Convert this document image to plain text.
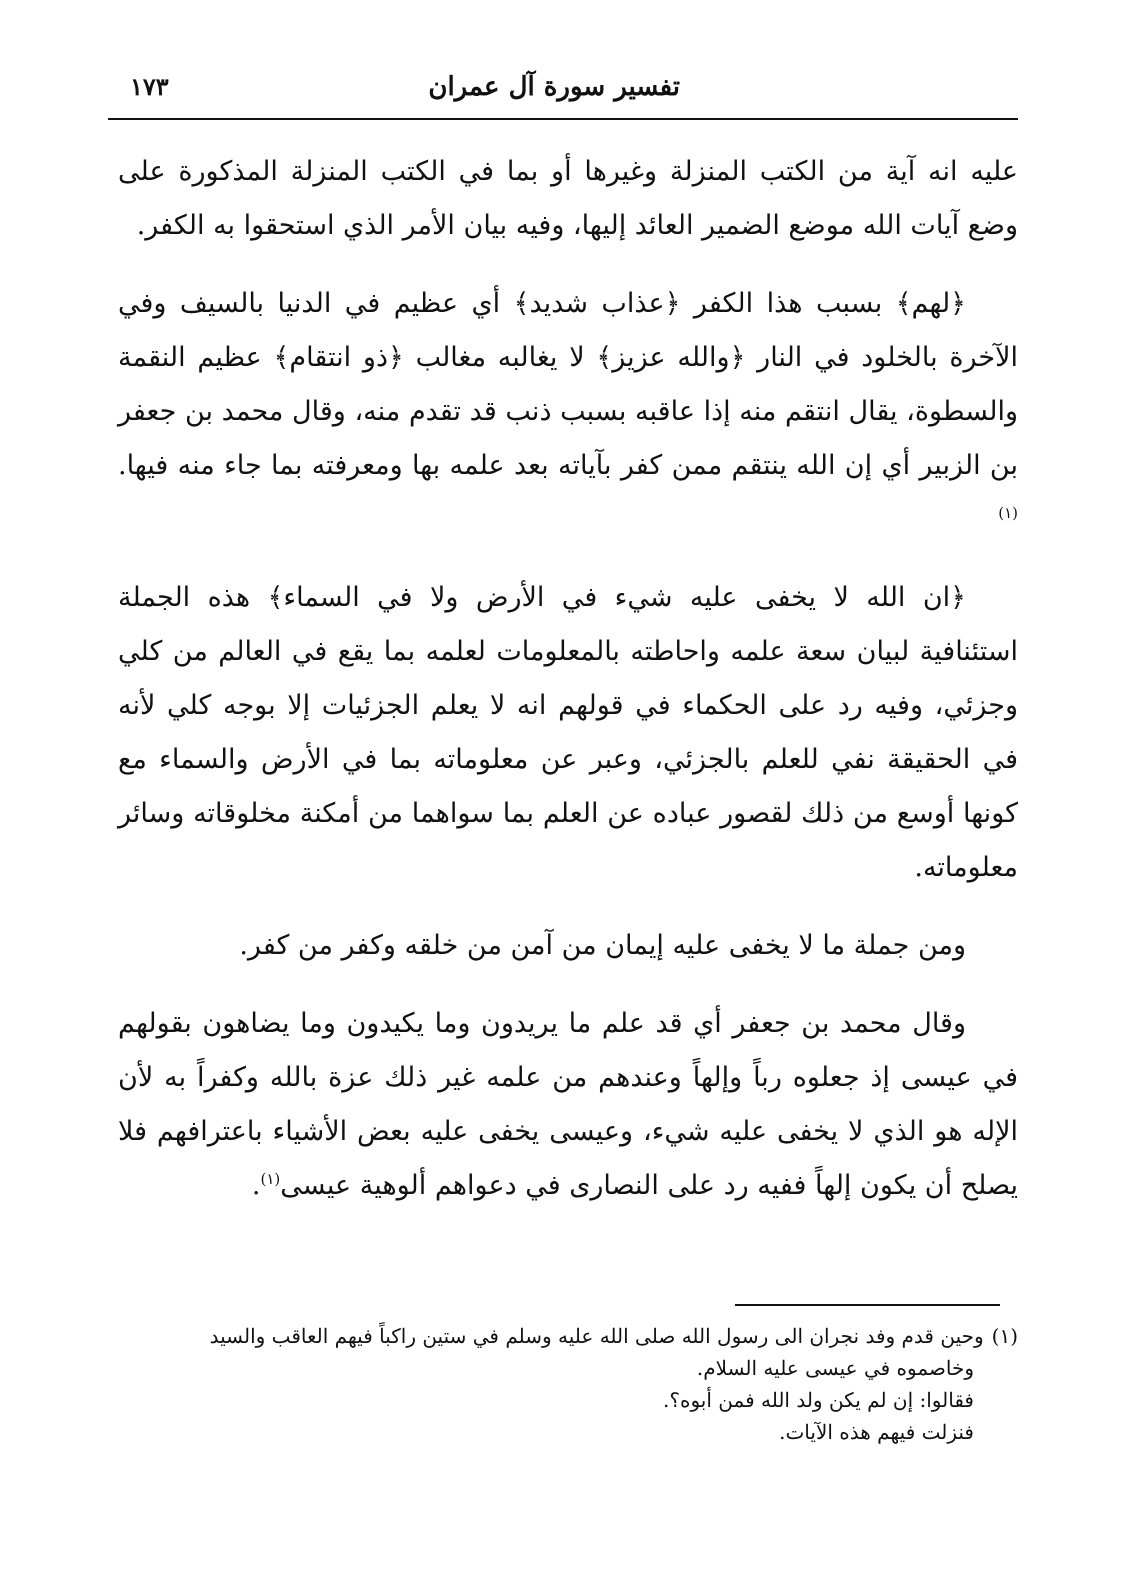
تفسير سورة آل عمران
١٧٣

عليه انه آية من الكتب المنزلة وغيرها أو بما في الكتب المنزلة المذكورة على وضع آيات الله موضع الضمير العائد إليها، وفيه بيان الأمر الذي استحقوا به الكفر.

﴿لهم﴾ بسبب هذا الكفر ﴿عذاب شديد﴾ أي عظيم في الدنيا بالسيف وفي الآخرة بالخلود في النار ﴿والله عزيز﴾ لا يغالبه مغالب ﴿ذو انتقام﴾ عظيم النقمة والسطوة، يقال انتقم منه إذا عاقبه بسبب ذنب قد تقدم منه، وقال محمد بن جعفر بن الزبير أي إن الله ينتقم ممن كفر بآياته بعد علمه بها ومعرفته بما جاء منه فيها.$^{(١)}$

﴿ان الله لا يخفى عليه شيء في الأرض ولا في السماء﴾ هذه الجملة استئنافية لبيان سعة علمه واحاطته بالمعلومات لعلمه بما يقع في العالم من كلي وجزئي، وفيه رد على الحكماء في قولهم انه لا يعلم الجزئيات إلا بوجه كلي لأنه في الحقيقة نفي للعلم بالجزئي، وعبر عن معلوماته بما في الأرض والسماء مع كونها أوسع من ذلك لقصور عباده عن العلم بما سواهما من أمكنة مخلوقاته وسائر معلوماته.

ومن جملة ما لا يخفى عليه إيمان من آمن من خلقه وكفر من كفر.

وقال محمد بن جعفر أي قد علم ما يريدون وما يكيدون وما يضاهون بقولهم في عيسى إذ جعلوه رباً وإلهاً وعندهم من علمه غير ذلك عزة بالله وكفراً به لأن الإله هو الذي لا يخفى عليه شيء، وعيسى يخفى عليه بعض الأشياء باعترافهم فلا يصلح أن يكون إلهاً ففيه رد على النصارى في دعواهم ألوهية عيسى$^{(١)}$.

(١)وحين قدم وفد نجران الى رسول الله صلى الله عليه وسلم في ستين راكباً فيهم العاقب والسيد

وخاصموه في عيسى عليه السلام.

فقالوا: إن لم يكن ولد الله فمن أبوه؟.

فنزلت فيهم هذه الآيات.
